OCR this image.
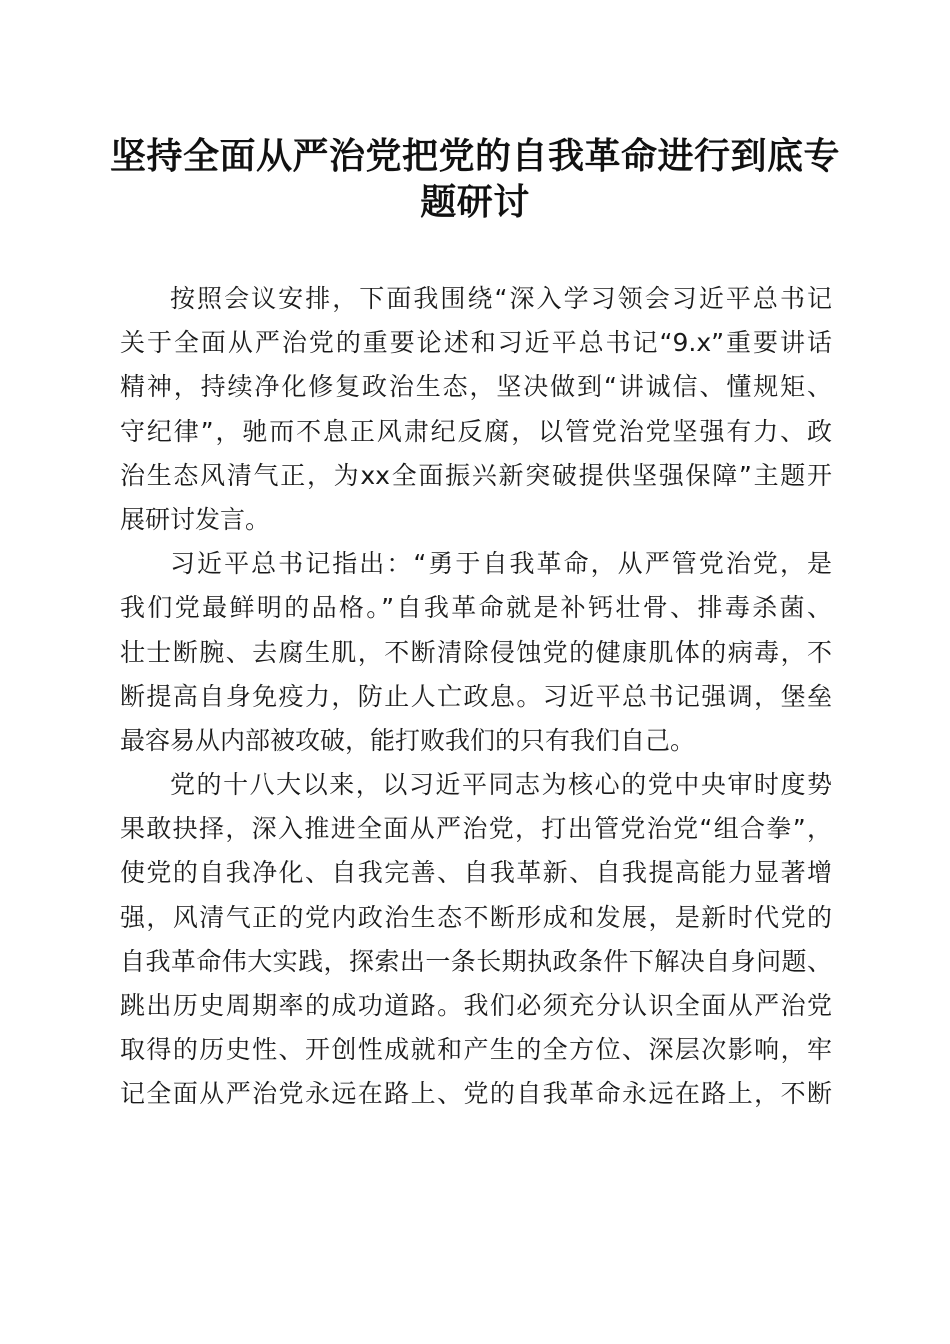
坚持全面从严治党把党的自我革命进行到底专
题研讨
按照会议安排，下面我围绕“深入学习领会习近平总书记
关于全面从严治党的重要论述和习近平总书记“9.x”重要讲话
精神，持续净化修复政治生态，坚决做到“讲诚信、懂规矩、
守纪律”，驰而不息正风肃纪反腐，以管党治党坚强有力、政
治生态风清气正，为xx全面振兴新突破提供坚强保障”主题开
展研讨发言。
习近平总书记指出：“勇于自我革命，从严管党治党，是
我们党最鲜明的品格。”自我革命就是补钙壮骨、排毒杀菌、
壮士断腕、去腐生肌，不断清除侵蚀党的健康肌体的病毒，不
断提高自身免疫力，防止人亡政息。习近平总书记强调，堡垒
最容易从内部被攻破，能打败我们的只有我们自己。
党的十八大以来，以习近平同志为核心的党中央审时度势
果敢抉择，深入推进全面从严治党，打出管党治党“组合拳”，
使党的自我净化、自我完善、自我革新、自我提高能力显著增
强，风清气正的党内政治生态不断形成和发展，是新时代党的
自我革命伟大实践，探索出一条长期执政条件下解决自身问题、
跳出历史周期率的成功道路。我们必须充分认识全面从严治党
取得的历史性、开创性成就和产生的全方位、深层次影响，牢
记全面从严治党永远在路上、党的自我革命永远在路上，不断
